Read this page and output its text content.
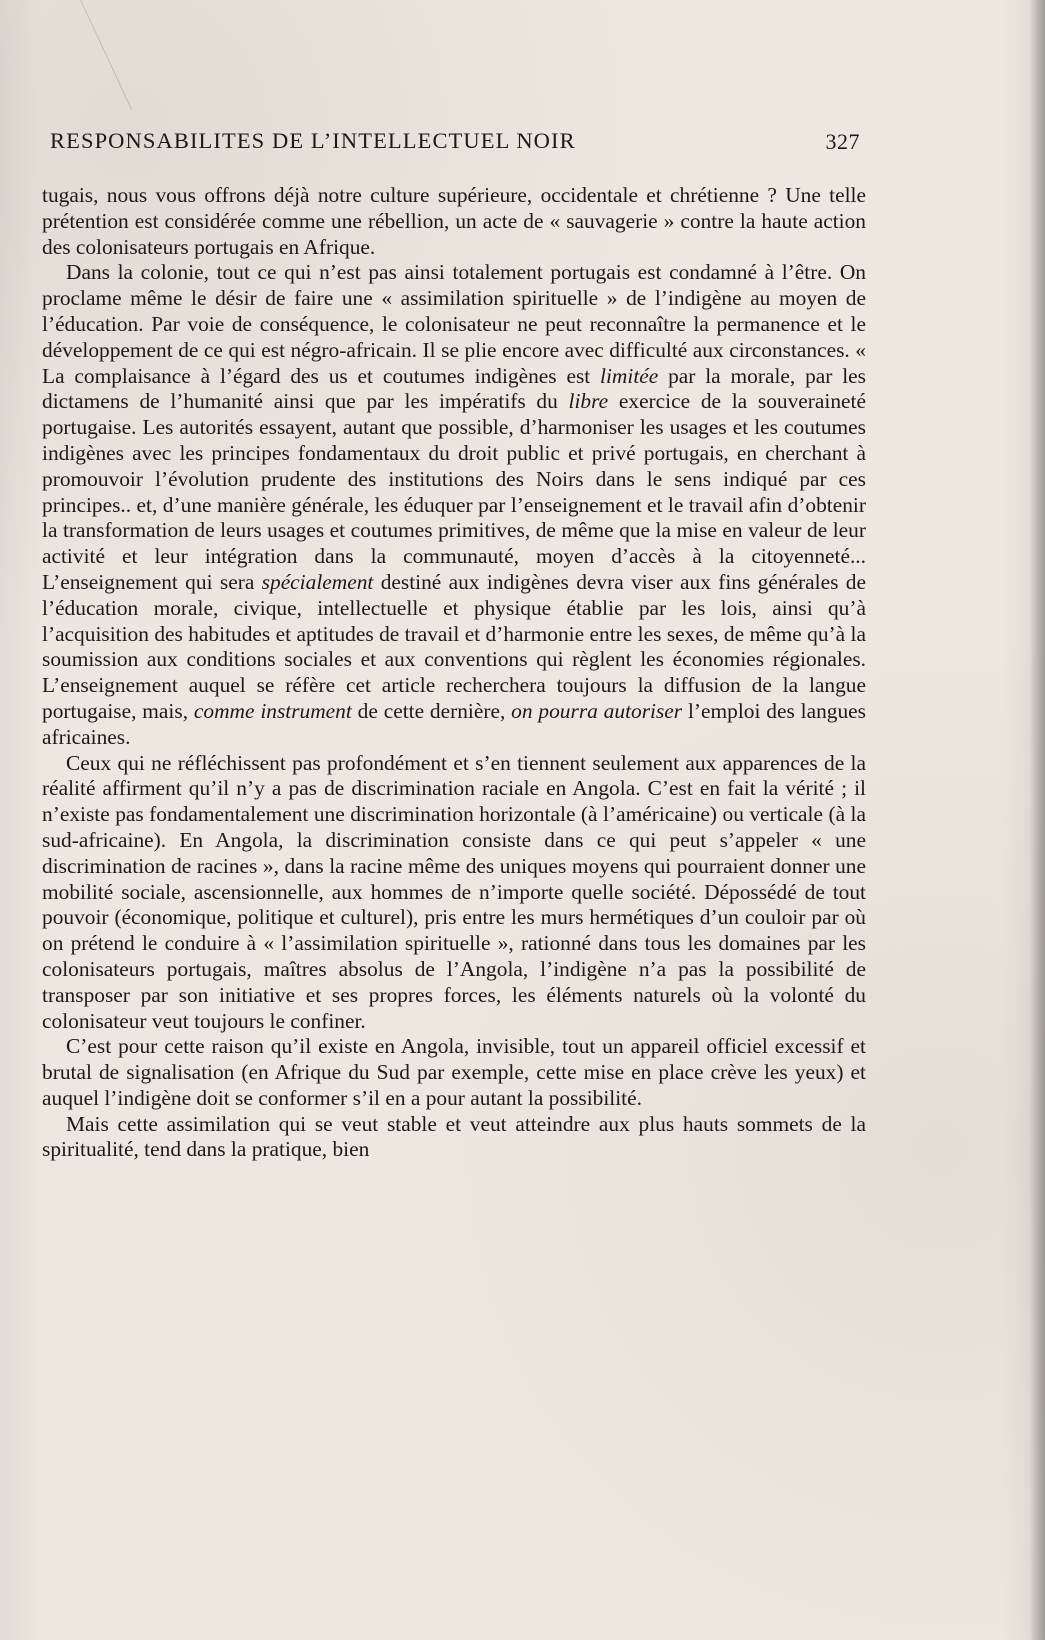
RESPONSABILITES DE L’INTELLECTUEL NOIR	327

tugais, nous vous offrons déjà notre culture supérieure, occidentale et chrétienne ? Une telle prétention est considérée comme une rébellion, un acte de « sauvagerie » contre la haute action des colonisateurs portugais en Afrique.

Dans la colonie, tout ce qui n’est pas ainsi totalement portugais est condamné à l’être. On proclame même le désir de faire une « assimilation spirituelle » de l’indigène au moyen de l’éducation. Par voie de conséquence, le colonisateur ne peut reconnaître la permanence et le développement de ce qui est négro-africain. Il se plie encore avec difficulté aux circonstances. « La complaisance à l’égard des us et coutumes indigènes est limitée par la morale, par les dictamens de l’humanité ainsi que par les impératifs du libre exercice de la souveraineté portugaise. Les autorités essayent, autant que possible, d’harmoniser les usages et les coutumes indigènes avec les principes fondamentaux du droit public et privé portugais, en cherchant à promouvoir l’évolution prudente des institutions des Noirs dans le sens indiqué par ces principes.. et, d’une manière générale, les éduquer par l’enseignement et le travail afin d’obtenir la transformation de leurs usages et coutumes primitives, de même que la mise en valeur de leur activité et leur intégration dans la communauté, moyen d’accès à la citoyenneté... L’enseignement qui sera spécialement destiné aux indigènes devra viser aux fins générales de l’éducation morale, civique, intellectuelle et physique établie par les lois, ainsi qu’à l’acquisition des habitudes et aptitudes de travail et d’harmonie entre les sexes, de même qu’à la soumission aux conditions sociales et aux conventions qui règlent les économies régionales. L’enseignement auquel se réfère cet article recherchera toujours la diffusion de la langue portugaise, mais, comme instrument de cette dernière, on pourra autoriser l’emploi des langues africaines.

Ceux qui ne réfléchissent pas profondément et s’en tiennent seulement aux apparences de la réalité affirment qu’il n’y a pas de discrimination raciale en Angola. C’est en fait la vérité ; il n’existe pas fondamentalement une discrimination horizontale (à l’américaine) ou verticale (à la sud-africaine). En Angola, la discrimination consiste dans ce qui peut s’appeler « une discrimination de racines », dans la racine même des uniques moyens qui pourraient donner une mobilité sociale, ascensionnelle, aux hommes de n’importe quelle société. Dépossédé de tout pouvoir (économique, politique et culturel), pris entre les murs hermétiques d’un couloir par où on prétend le conduire à « l’assimilation spirituelle », rationné dans tous les domaines par les colonisateurs portugais, maîtres absolus de l’Angola, l’indigène n’a pas la possibilité de transposer par son initiative et ses propres forces, les éléments naturels où la volonté du colonisateur veut toujours le confiner.

C’est pour cette raison qu’il existe en Angola, invisible, tout un appareil officiel excessif et brutal de signalisation (en Afrique du Sud par exemple, cette mise en place crève les yeux) et auquel l’indigène doit se conformer s’il en a pour autant la possibilité.

Mais cette assimilation qui se veut stable et veut atteindre aux plus hauts sommets de la spiritualité, tend dans la pratique, bien
